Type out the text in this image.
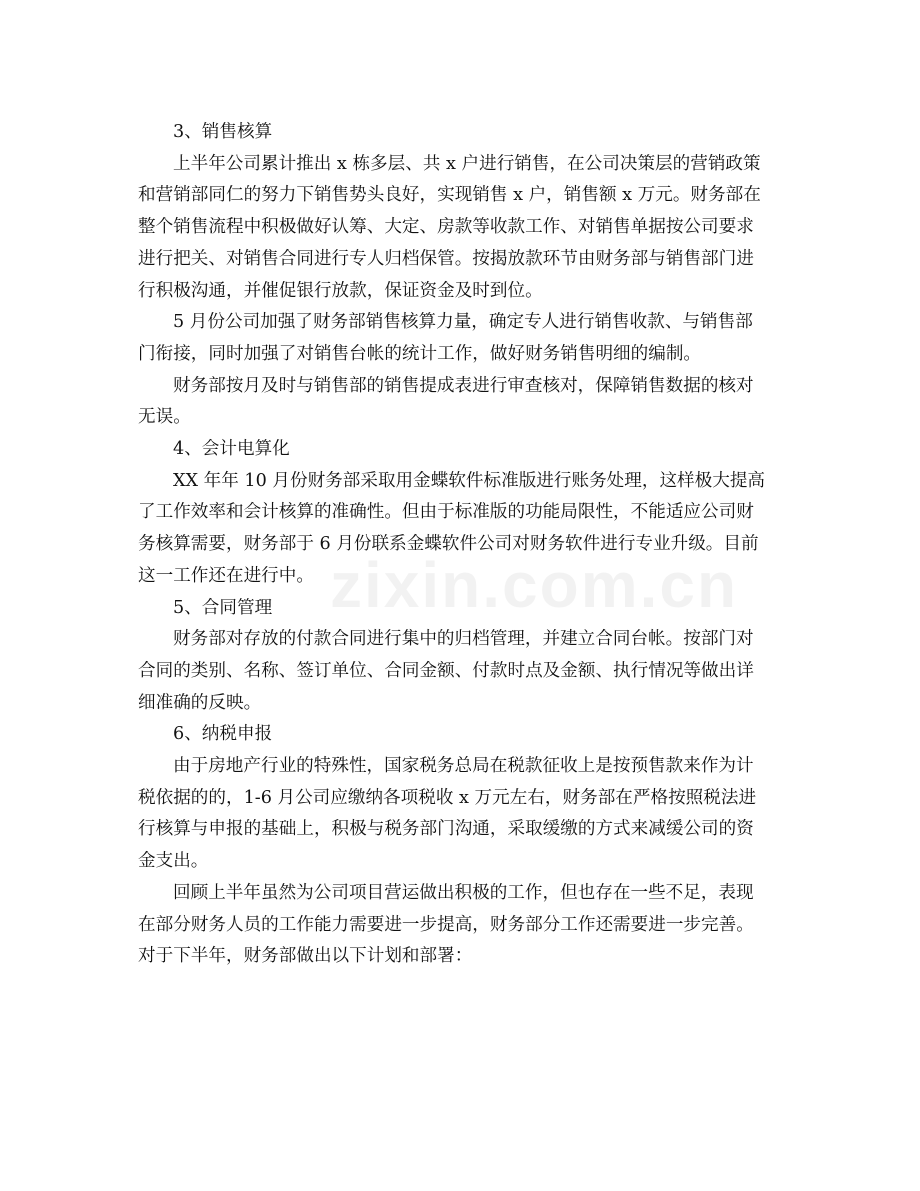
zixin.com.cn

3、销售核算

上半年公司累计推出 x 栋多层、共 x 户进行销售，在公司决策层的营销政策
和营销部同仁的努力下销售势头良好，实现销售 x 户，销售额 x 万元。财务部在
整个销售流程中积极做好认筹、大定、房款等收款工作、对销售单据按公司要求
进行把关、对销售合同进行专人归档保管。按揭放款环节由财务部与销售部门进
行积极沟通，并催促银行放款，保证资金及时到位。

5 月份公司加强了财务部销售核算力量，确定专人进行销售收款、与销售部
门衔接，同时加强了对销售台帐的统计工作，做好财务销售明细的编制。

财务部按月及时与销售部的销售提成表进行审查核对，保障销售数据的核对
无误。

4、会计电算化

XX 年年 10 月份财务部采取用金蝶软件标准版进行账务处理，这样极大提高
了工作效率和会计核算的准确性。但由于标准版的功能局限性，不能适应公司财
务核算需要，财务部于 6 月份联系金蝶软件公司对财务软件进行专业升级。目前
这一工作还在进行中。

5、合同管理

财务部对存放的付款合同进行集中的归档管理，并建立合同台帐。按部门对
合同的类别、名称、签订单位、合同金额、付款时点及金额、执行情况等做出详
细准确的反映。

6、纳税申报

由于房地产行业的特殊性，国家税务总局在税款征收上是按预售款来作为计
税依据的的，1-6 月公司应缴纳各项税收 x 万元左右，财务部在严格按照税法进
行核算与申报的基础上，积极与税务部门沟通，采取缓缴的方式来减缓公司的资
金支出。

回顾上半年虽然为公司项目营运做出积极的工作，但也存在一些不足，表现
在部分财务人员的工作能力需要进一步提高，财务部分工作还需要进一步完善。
对于下半年，财务部做出以下计划和部署：
